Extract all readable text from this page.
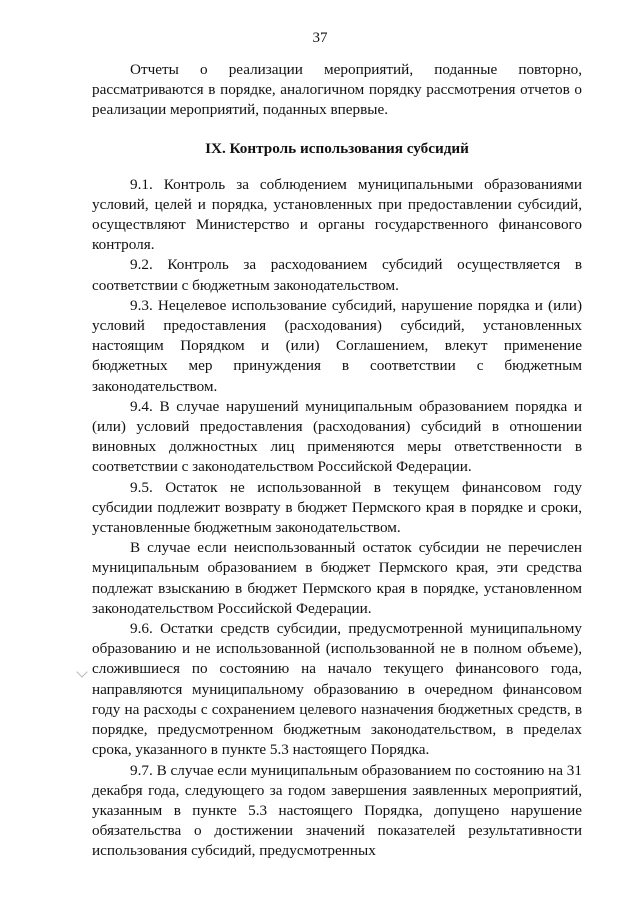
37

Отчеты о реализации мероприятий, поданные повторно, рассматриваются в порядке, аналогичном порядку рассмотрения отчетов о реализации мероприятий, поданных впервые.

IX. Контроль использования субсидий

9.1. Контроль за соблюдением муниципальными образованиями условий, целей и порядка, установленных при предоставлении субсидий, осуществляют Министерство и органы государственного финансового контроля.

9.2. Контроль за расходованием субсидий осуществляется в соответствии с бюджетным законодательством.

9.3. Нецелевое использование субсидий, нарушение порядка и (или) условий предоставления (расходования) субсидий, установленных настоящим Порядком и (или) Соглашением, влекут применение бюджетных мер принуждения в соответствии с бюджетным законодательством.

9.4. В случае нарушений муниципальным образованием порядка и (или) условий предоставления (расходования) субсидий в отношении виновных должностных лиц применяются меры ответственности в соответствии с законодательством Российской Федерации.

9.5. Остаток не использованной в текущем финансовом году субсидии подлежит возврату в бюджет Пермского края в порядке и сроки, установленные бюджетным законодательством.

В случае если неиспользованный остаток субсидии не перечислен муниципальным образованием в бюджет Пермского края, эти средства подлежат взысканию в бюджет Пермского края в порядке, установленном законодательством Российской Федерации.

9.6. Остатки средств субсидии, предусмотренной муниципальному образованию и не использованной (использованной не в полном объеме), сложившиеся по состоянию на начало текущего финансового года, направляются муниципальному образованию в очередном финансовом году на расходы с сохранением целевого назначения бюджетных средств, в порядке, предусмотренном бюджетным законодательством, в пределах срока, указанного в пункте 5.3 настоящего Порядка.

9.7. В случае если муниципальным образованием по состоянию на 31 декабря года, следующего за годом завершения заявленных мероприятий, указанным в пункте 5.3 настоящего Порядка, допущено нарушение обязательства о достижении значений показателей результативности использования субсидий, предусмотренных
